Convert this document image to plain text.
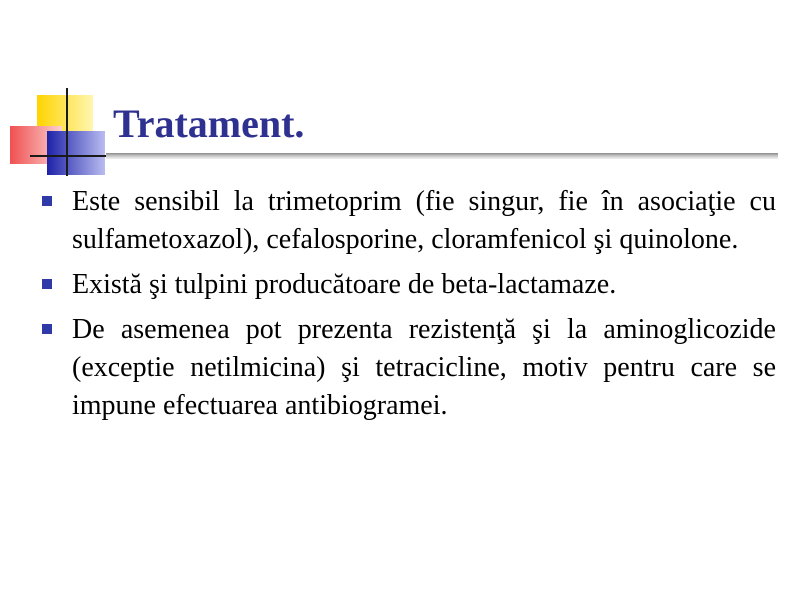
Tratament.
Este sensibil la trimetoprim (fie singur, fie în asociaţie cu sulfametoxazol), cefalosporine, cloramfenicol şi quinolone.
Există şi tulpini producătoare de beta-lactamaze.
De asemenea pot prezenta rezistenţă şi la aminoglicozide (exceptie netilmicina) şi tetracicline, motiv pentru care se impune efectuarea antibiogramei.
